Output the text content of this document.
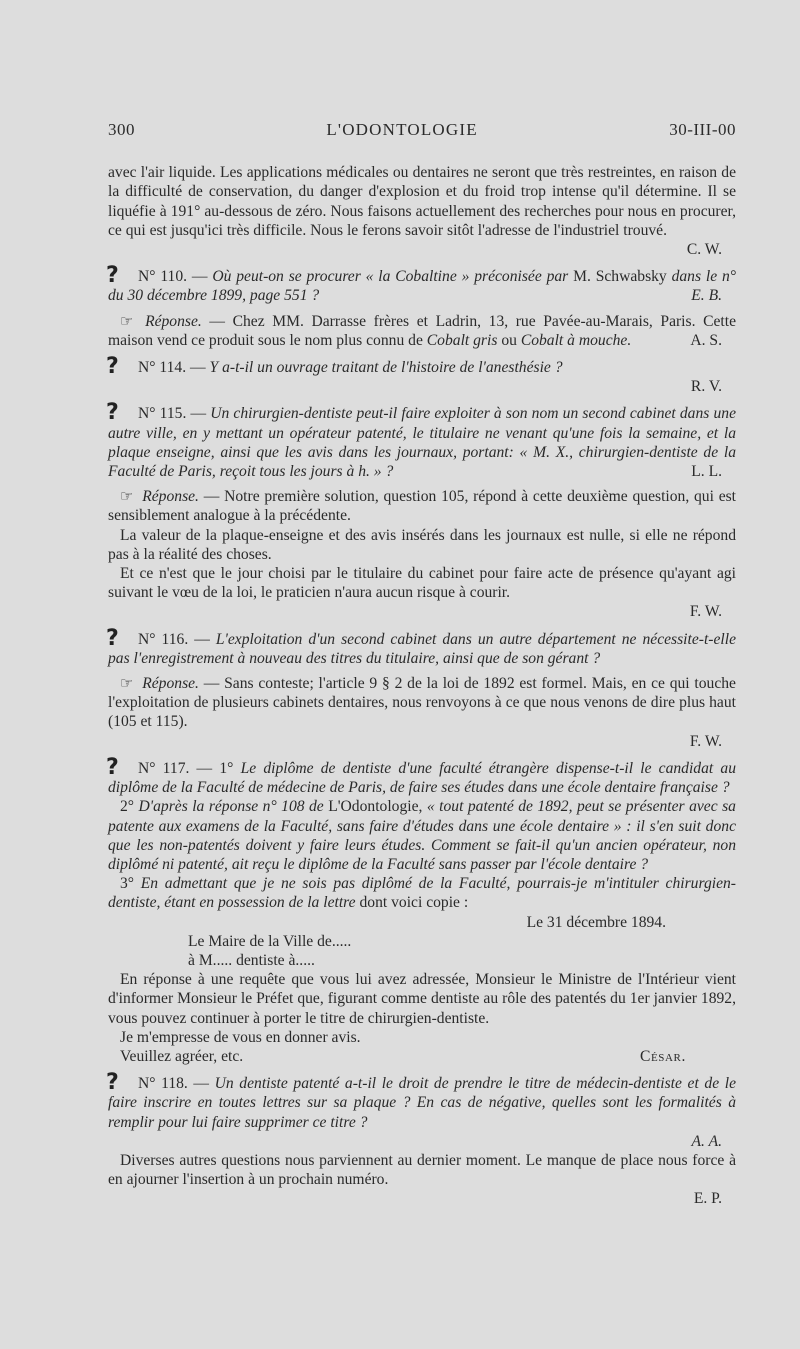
300	L'ODONTOLOGIE	30-III-00

avec l'air liquide. Les applications médicales ou dentaires ne seront que très restreintes, en raison de la difficulté de conservation, du danger d'explosion et du froid trop intense qu'il détermine. Il se liquéfie à 191° au-dessous de zéro. Nous faisons actuellement des recherches pour nous en procurer, ce qui est jusqu'ici très difficile. Nous le ferons savoir sitôt l'adresse de l'industriel trouvé.

C. W.
?	N° 110. — Où peut-on se procurer « la Cobaltine » préconisée par M. Schwabsky dans le n° du 30 décembre 1899, page 551 ?	E. B.

☞ Réponse. — Chez MM. Darrasse frères et Ladrin, 13, rue Pavée-au-Marais, Paris. Cette maison vend ce produit sous le nom plus connu de Cobalt gris ou Cobalt à mouche.	A. S.

?	N° 114. — Y a-t-il un ouvrage traitant de l'histoire de l'anesthésie ?

R. V.
?	N° 115. — Un chirurgien-dentiste peut-il faire exploiter à son nom un second cabinet dans une autre ville, en y mettant un opérateur patenté, le titulaire ne venant qu'une fois la semaine, et la plaque enseigne, ainsi que les avis dans les journaux, portant: « M. X., chirurgien-dentiste de la Faculté de Paris, reçoit tous les jours à h. » ?	L. L.

☞ Réponse. — Notre première solution, question 105, répond à cette deuxième question, qui est sensiblement analogue à la précédente.

La valeur de la plaque-enseigne et des avis insérés dans les journaux est nulle, si elle ne répond pas à la réalité des choses.

Et ce n'est que le jour choisi par le titulaire du cabinet pour faire acte de présence qu'ayant agi suivant le vœu de la loi, le praticien n'aura aucun risque à courir.

F. W.
?	N° 116. — L'exploitation d'un second cabinet dans un autre département ne nécessite-t-elle pas l'enregistrement à nouveau des titres du titulaire, ainsi que de son gérant ?

☞ Réponse. — Sans conteste; l'article 9 § 2 de la loi de 1892 est formel. Mais, en ce qui touche l'exploitation de plusieurs cabinets dentaires, nous renvoyons à ce que nous venons de dire plus haut (105 et 115).

F. W.
?	N° 117. — 1° Le diplôme de dentiste d'une faculté étrangère dispense-t-il le candidat au diplôme de la Faculté de médecine de Paris, de faire ses études dans une école dentaire française ?

2° D'après la réponse n° 108 de L'Odontologie, « tout patenté de 1892, peut se présenter avec sa patente aux examens de la Faculté, sans faire d'études dans une école dentaire » : il s'en suit donc que les non-patentés doivent y faire leurs études. Comment se fait-il qu'un ancien opérateur, non diplômé ni patenté, ait reçu le diplôme de la Faculté sans passer par l'école dentaire ?

3° En admettant que je ne sois pas diplômé de la Faculté, pourrais-je m'intituler chirurgien-dentiste, étant en possession de la lettre dont voici copie :

Le 31 décembre 1894.
Le Maire de la Ville de.....
à M..... dentiste à.....

En réponse à une requête que vous lui avez adressée, Monsieur le Ministre de l'Intérieur vient d'informer Monsieur le Préfet que, figurant comme dentiste au rôle des patentés du 1er janvier 1892, vous pouvez continuer à porter le titre de chirurgien-dentiste.

Je m'empresse de vous en donner avis.

Veuillez agréer, etc.	César.
?	N° 118. — Un dentiste patenté a-t-il le droit de prendre le titre de médecin-dentiste et de le faire inscrire en toutes lettres sur sa plaque ? En cas de négative, quelles sont les formalités à remplir pour lui faire supprimer ce titre ?

A. A.

Diverses autres questions nous parviennent au dernier moment. Le manque de place nous force à en ajourner l'insertion à un prochain numéro.

E. P.
